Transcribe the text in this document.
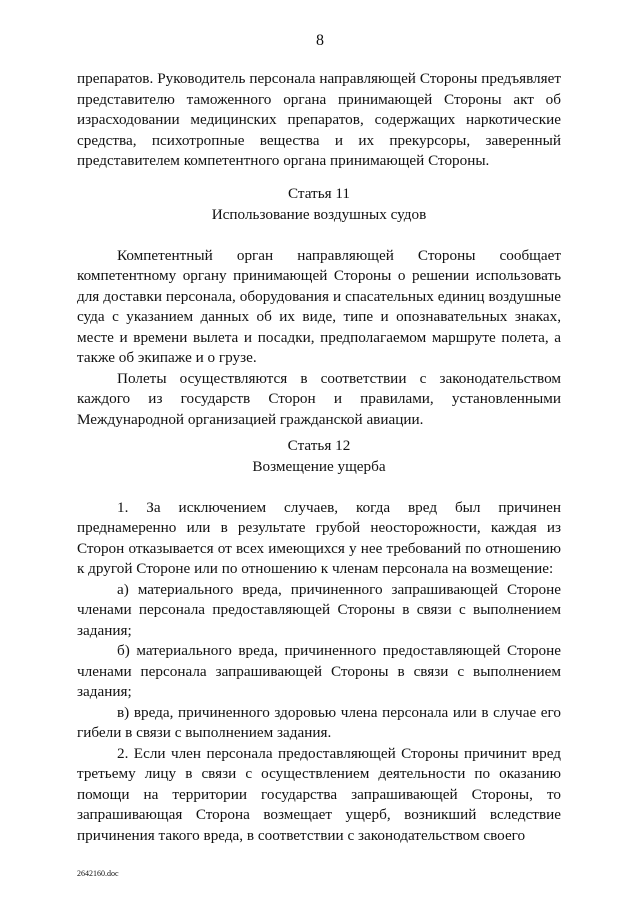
8

препаратов. Руководитель персонала направляющей Стороны предъявляет представителю таможенного органа принимающей Стороны акт об израсходовании медицинских препаратов, содержащих наркотические средства, психотропные вещества и их прекурсоры, заверенный представителем компетентного органа принимающей Стороны.

Статья 11

Использование воздушных судов

Компетентный орган направляющей Стороны сообщает компетентному органу принимающей Стороны о решении использовать для доставки персонала, оборудования и спасательных единиц воздушные суда с указанием данных об их виде, типе и опознавательных знаках, месте и времени вылета и посадки, предполагаемом маршруте полета, а также об экипаже и о грузе.

Полеты осуществляются в соответствии с законодательством каждого из государств Сторон и правилами, установленными Международной организацией гражданской авиации.

Статья 12

Возмещение ущерба

1. За исключением случаев, когда вред был причинен преднамеренно или в результате грубой неосторожности, каждая из Сторон отказывается от всех имеющихся у нее требований по отношению к другой Стороне или по отношению к членам персонала на возмещение:

а) материального вреда, причиненного запрашивающей Стороне членами персонала предоставляющей Стороны в связи с выполнением задания;

б) материального вреда, причиненного предоставляющей Стороне членами персонала запрашивающей Стороны в связи с выполнением задания;

в) вреда, причиненного здоровью члена персонала или в случае его гибели в связи с выполнением задания.

2. Если член персонала предоставляющей Стороны причинит вред третьему лицу в связи с осуществлением деятельности по оказанию помощи на территории государства запрашивающей Стороны, то запрашивающая Сторона возмещает ущерб, возникший вследствие причинения такого вреда, в соответствии с законодательством своего

2642160.doc
